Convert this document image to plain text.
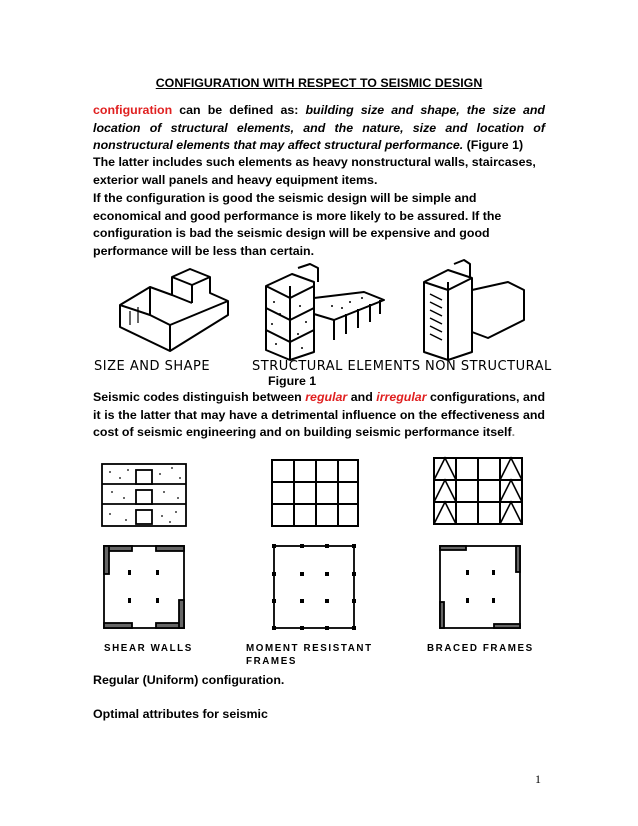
CONFIGURATION WITH RESPECT TO SEISMIC DESIGN
configuration can be defined as: building size and shape, the size and location of structural elements, and the nature, size and location of nonstructural elements that may affect structural performance. (Figure 1)
The latter includes such elements as heavy nonstructural walls, staircases, exterior wall panels and heavy equipment items.
If the configuration is good the seismic design will be simple and economical and good performance is more likely to be assured. If the configuration is bad the seismic design will be expensive and good performance will be less than certain.
SIZE AND SHAPE	STRUCTURAL ELEMENTS NON STRUCTURAL
Figure 1
Seismic codes distinguish between regular and irregular configurations, and it is the latter that may have a detrimental influence on the effectiveness and cost of seismic engineering and on building seismic performance itself.
SHEAR WALLS	MOMENT RESISTANT
FRAMES
BRACED FRAMES
Regular (Uniform) configuration.
Optimal attributes for seismic
1
